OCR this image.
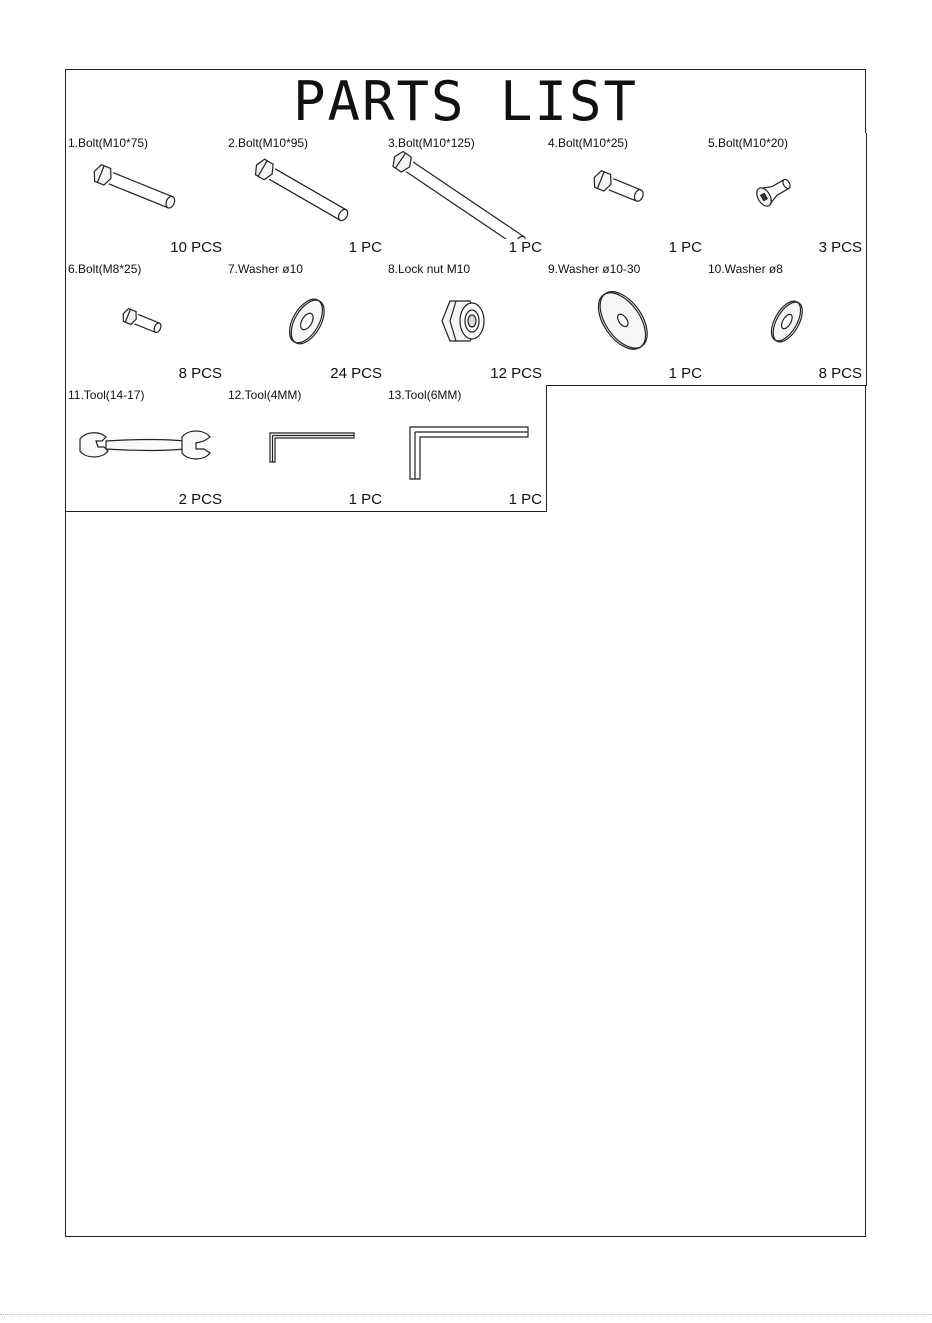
PARTS LIST
1.Bolt(M10*75)
10 PCS
2.Bolt(M10*95)
1 PC
3.Bolt(M10*125)
1 PC
4.Bolt(M10*25)
1 PC
5.Bolt(M10*20)
3 PCS
6.Bolt(M8*25)
8 PCS
7.Washer ø10
24 PCS
8.Lock nut M10
12 PCS
9.Washer ø10-30
1 PC
10.Washer ø8
8 PCS
11.Tool(14-17)
2 PCS
12.Tool(4MM)
1 PC
13.Tool(6MM)
1 PC
